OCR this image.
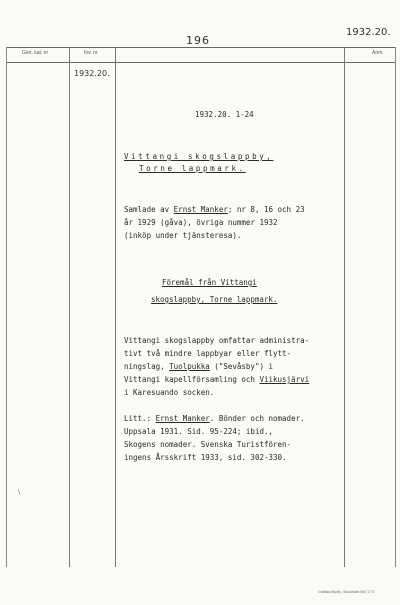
196
1932.20.
Gen. kat. nr	Inv. nr	Anm.
1932.20.
1932.20. 1-24
Vittangi skogslappby,
Torne lappmark.
Samlade av Ernst Manker; nr 8, 16 och 23
år 1929 (gåva), övriga nummer 1932
(inköp under tjänsteresa).
Föremål från Vittangi
skogslappby, Torne lappmark.
Vittangi skogslappby omfattar administra-
tivt två mindre lappbyar eller flytt-
ningslag, Tuolpukka ("Sevåsby") i
Vittangi kapellförsamling och Viikusjärvi
i Karesuando socken.
Litt.: Ernst Manker. Bönder och nomader.
Uppsala 1931. Sid. 95-224; ibid.,
Skogens nomader. Svenska Turistfören-
ingens Årsskrift 1933, sid. 302-330.
\
Grafiska Byrån, Stockholm B67 2 70
